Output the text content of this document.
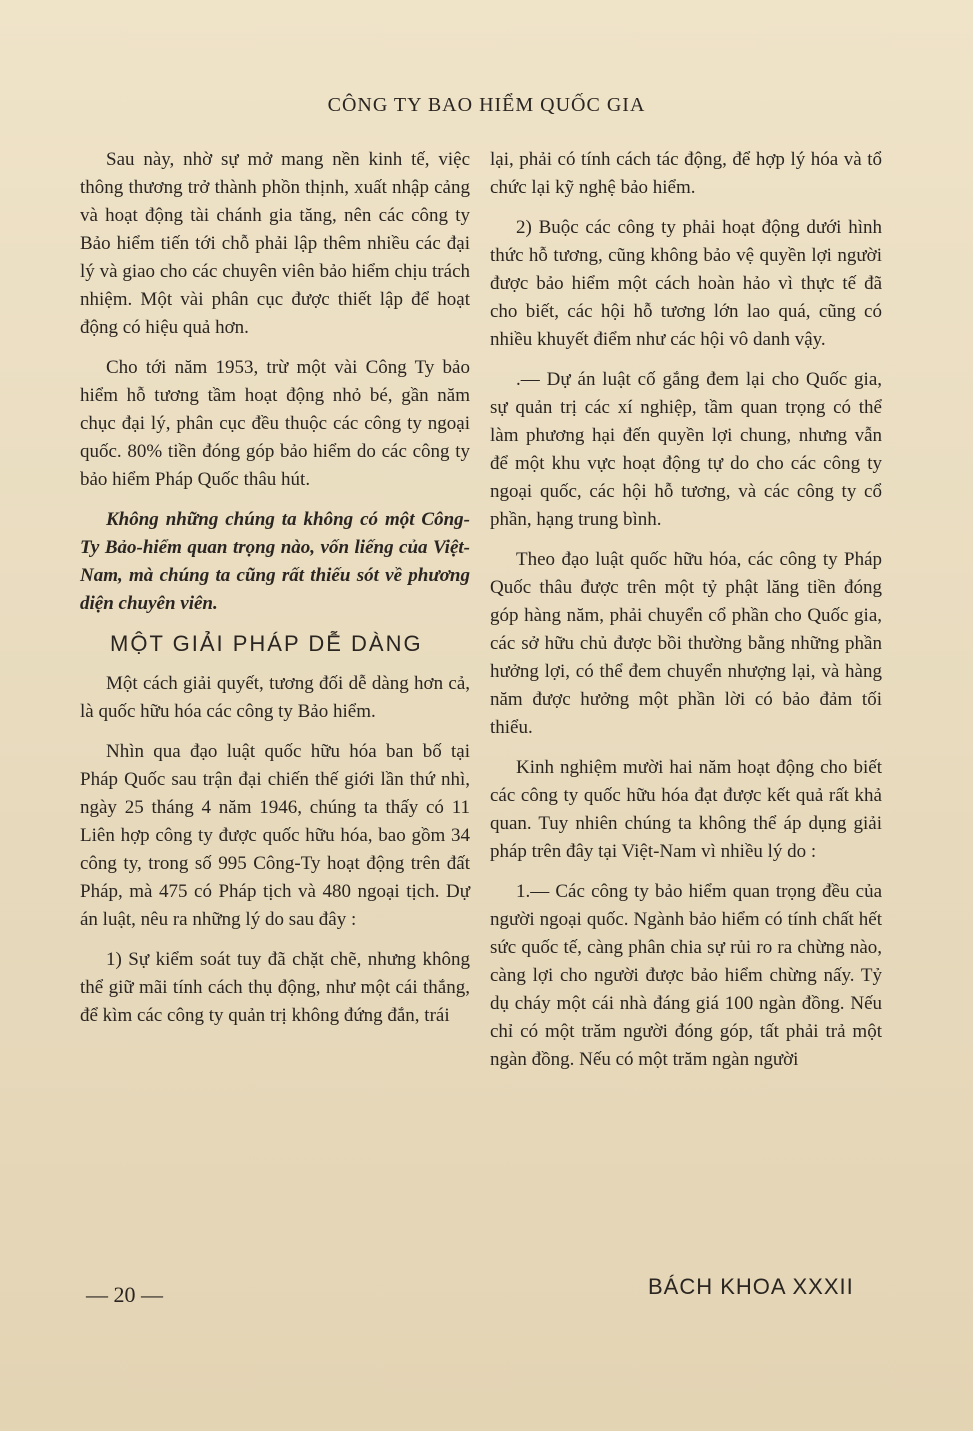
CÔNG TY BAO HIỂM QUỐC GIA

Sau này, nhờ sự mở mang nền kinh tế, việc thông thương trở thành phồn thịnh, xuất nhập cảng và hoạt động tài chánh gia tăng, nên các công ty Bảo hiểm tiến tới chỗ phải lập thêm nhiều các đại lý và giao cho các chuyên viên bảo hiểm chịu trách nhiệm. Một vài phân cục được thiết lập để hoạt động có hiệu quả hơn.

Cho tới năm 1953, trừ một vài Công Ty bảo hiểm hỗ tương tầm hoạt động nhỏ bé, gần năm chục đại lý, phân cục đều thuộc các công ty ngoại quốc. 80% tiền đóng góp bảo hiểm do các công ty bảo hiểm Pháp Quốc thâu hút.

Không những chúng ta không có một Công-Ty Bảo-hiểm quan trọng nào, vốn liếng của Việt-Nam, mà chúng ta cũng rất thiếu sót về phương diện chuyên viên.

MỘT GIẢI PHÁP DỄ DÀNG

Một cách giải quyết, tương đối dễ dàng hơn cả, là quốc hữu hóa các công ty Bảo hiểm.

Nhìn qua đạo luật quốc hữu hóa ban bố tại Pháp Quốc sau trận đại chiến thế giới lần thứ nhì, ngày 25 tháng 4 năm 1946, chúng ta thấy có 11 Liên hợp công ty được quốc hữu hóa, bao gồm 34 công ty, trong số 995 Công-Ty hoạt động trên đất Pháp, mà 475 có Pháp tịch và 480 ngoại tịch. Dự án luật, nêu ra những lý do sau đây :

1) Sự kiểm soát tuy đã chặt chẽ, nhưng không thể giữ mãi tính cách thụ động, như một cái thắng, để kìm các công ty quản trị không đứng đắn, trái

lại, phải có tính cách tác động, để hợp lý hóa và tổ chức lại kỹ nghệ bảo hiểm.

2) Buộc các công ty phải hoạt động dưới hình thức hỗ tương, cũng không bảo vệ quyền lợi người được bảo hiểm một cách hoàn hảo vì thực tế đã cho biết, các hội hỗ tương lớn lao quá, cũng có nhiều khuyết điểm như các hội vô danh vậy.

.— Dự án luật cố gắng đem lại cho Quốc gia, sự quản trị các xí nghiệp, tầm quan trọng có thể làm phương hại đến quyền lợi chung, nhưng vẫn để một khu vực hoạt động tự do cho các công ty ngoại quốc, các hội hỗ tương, và các công ty cổ phần, hạng trung bình.

Theo đạo luật quốc hữu hóa, các công ty Pháp Quốc thâu được trên một tỷ phật lăng tiền đóng góp hàng năm, phải chuyển cổ phần cho Quốc gia, các sở hữu chủ được bồi thường bằng những phần hưởng lợi, có thể đem chuyển nhượng lại, và hàng năm được hưởng một phần lời có bảo đảm tối thiểu.

Kinh nghiệm mười hai năm hoạt động cho biết các công ty quốc hữu hóa đạt được kết quả rất khả quan. Tuy nhiên chúng ta không thể áp dụng giải pháp trên đây tại Việt-Nam vì nhiều lý do :

1.— Các công ty bảo hiểm quan trọng đều của người ngoại quốc. Ngành bảo hiểm có tính chất hết sức quốc tế, càng phân chia sự rủi ro ra chừng nào, càng lợi cho người được bảo hiểm chừng nấy. Tỷ dụ cháy một cái nhà đáng giá 100 ngàn đồng. Nếu chỉ có một trăm người đóng góp, tất phải trả một ngàn đồng. Nếu có một trăm ngàn người

— 20 —	BÁCH KHOA XXXII
